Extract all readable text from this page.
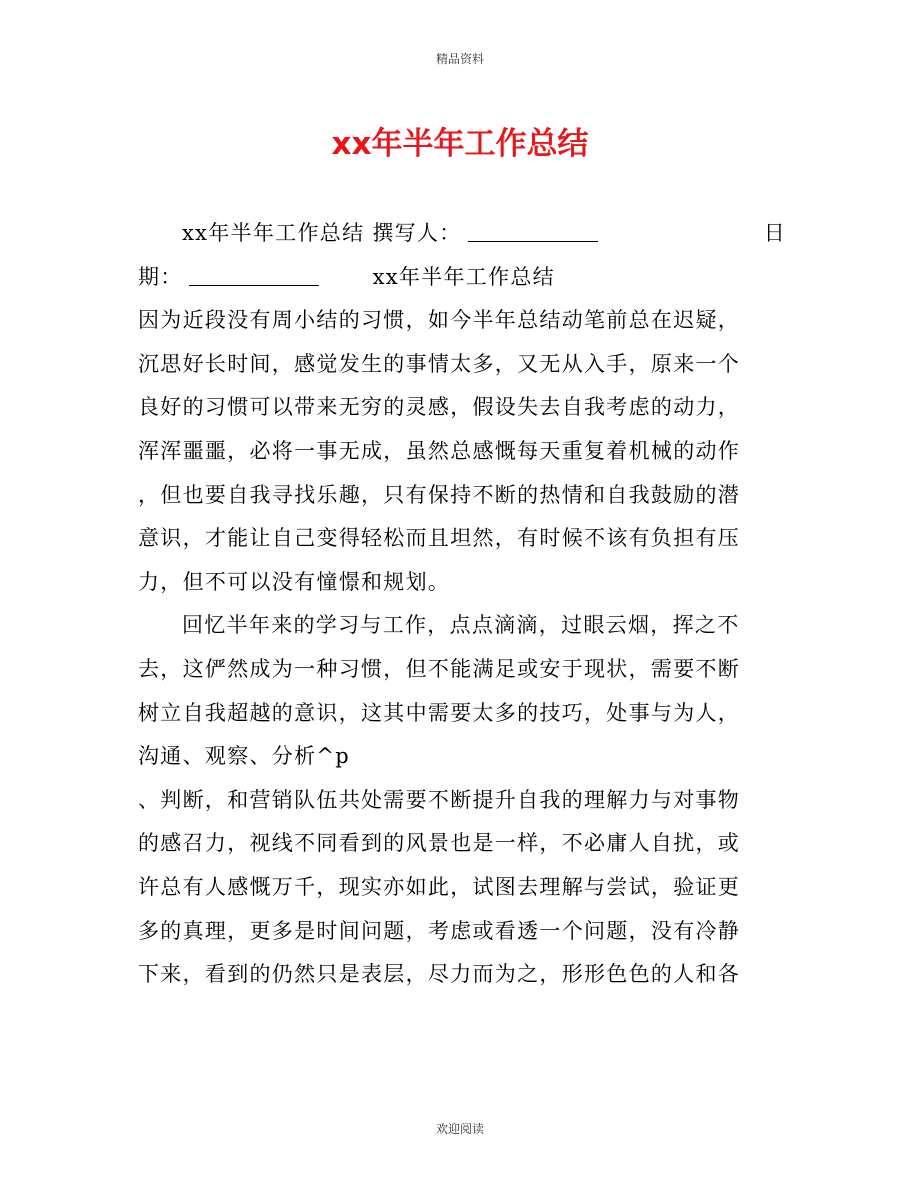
精品资料
xx年半年工作总结
xx年半年工作总结 撰写人：	日
期：	xx年半年工作总结
因为近段没有周小结的习惯，如今半年总结动笔前总在迟疑，
沉思好长时间，感觉发生的事情太多，又无从入手，原来一个
良好的习惯可以带来无穷的灵感，假设失去自我考虑的动力，
浑浑噩噩，必将一事无成，虽然总感慨每天重复着机械的动作
，但也要自我寻找乐趣，只有保持不断的热情和自我鼓励的潜
意识，才能让自己变得轻松而且坦然，有时候不该有负担有压
力，但不可以没有憧憬和规划。
回忆半年来的学习与工作，点点滴滴，过眼云烟，挥之不
去，这俨然成为一种习惯，但不能满足或安于现状，需要不断
树立自我超越的意识，这其中需要太多的技巧，处事与为人，
沟通、观察、分析^p
、判断，和营销队伍共处需要不断提升自我的理解力与对事物
的感召力，视线不同看到的风景也是一样，不必庸人自扰，或
许总有人感慨万千，现实亦如此，试图去理解与尝试，验证更
多的真理，更多是时间问题，考虑或看透一个问题，没有冷静
下来，看到的仍然只是表层，尽力而为之，形形色色的人和各
欢迎阅读
